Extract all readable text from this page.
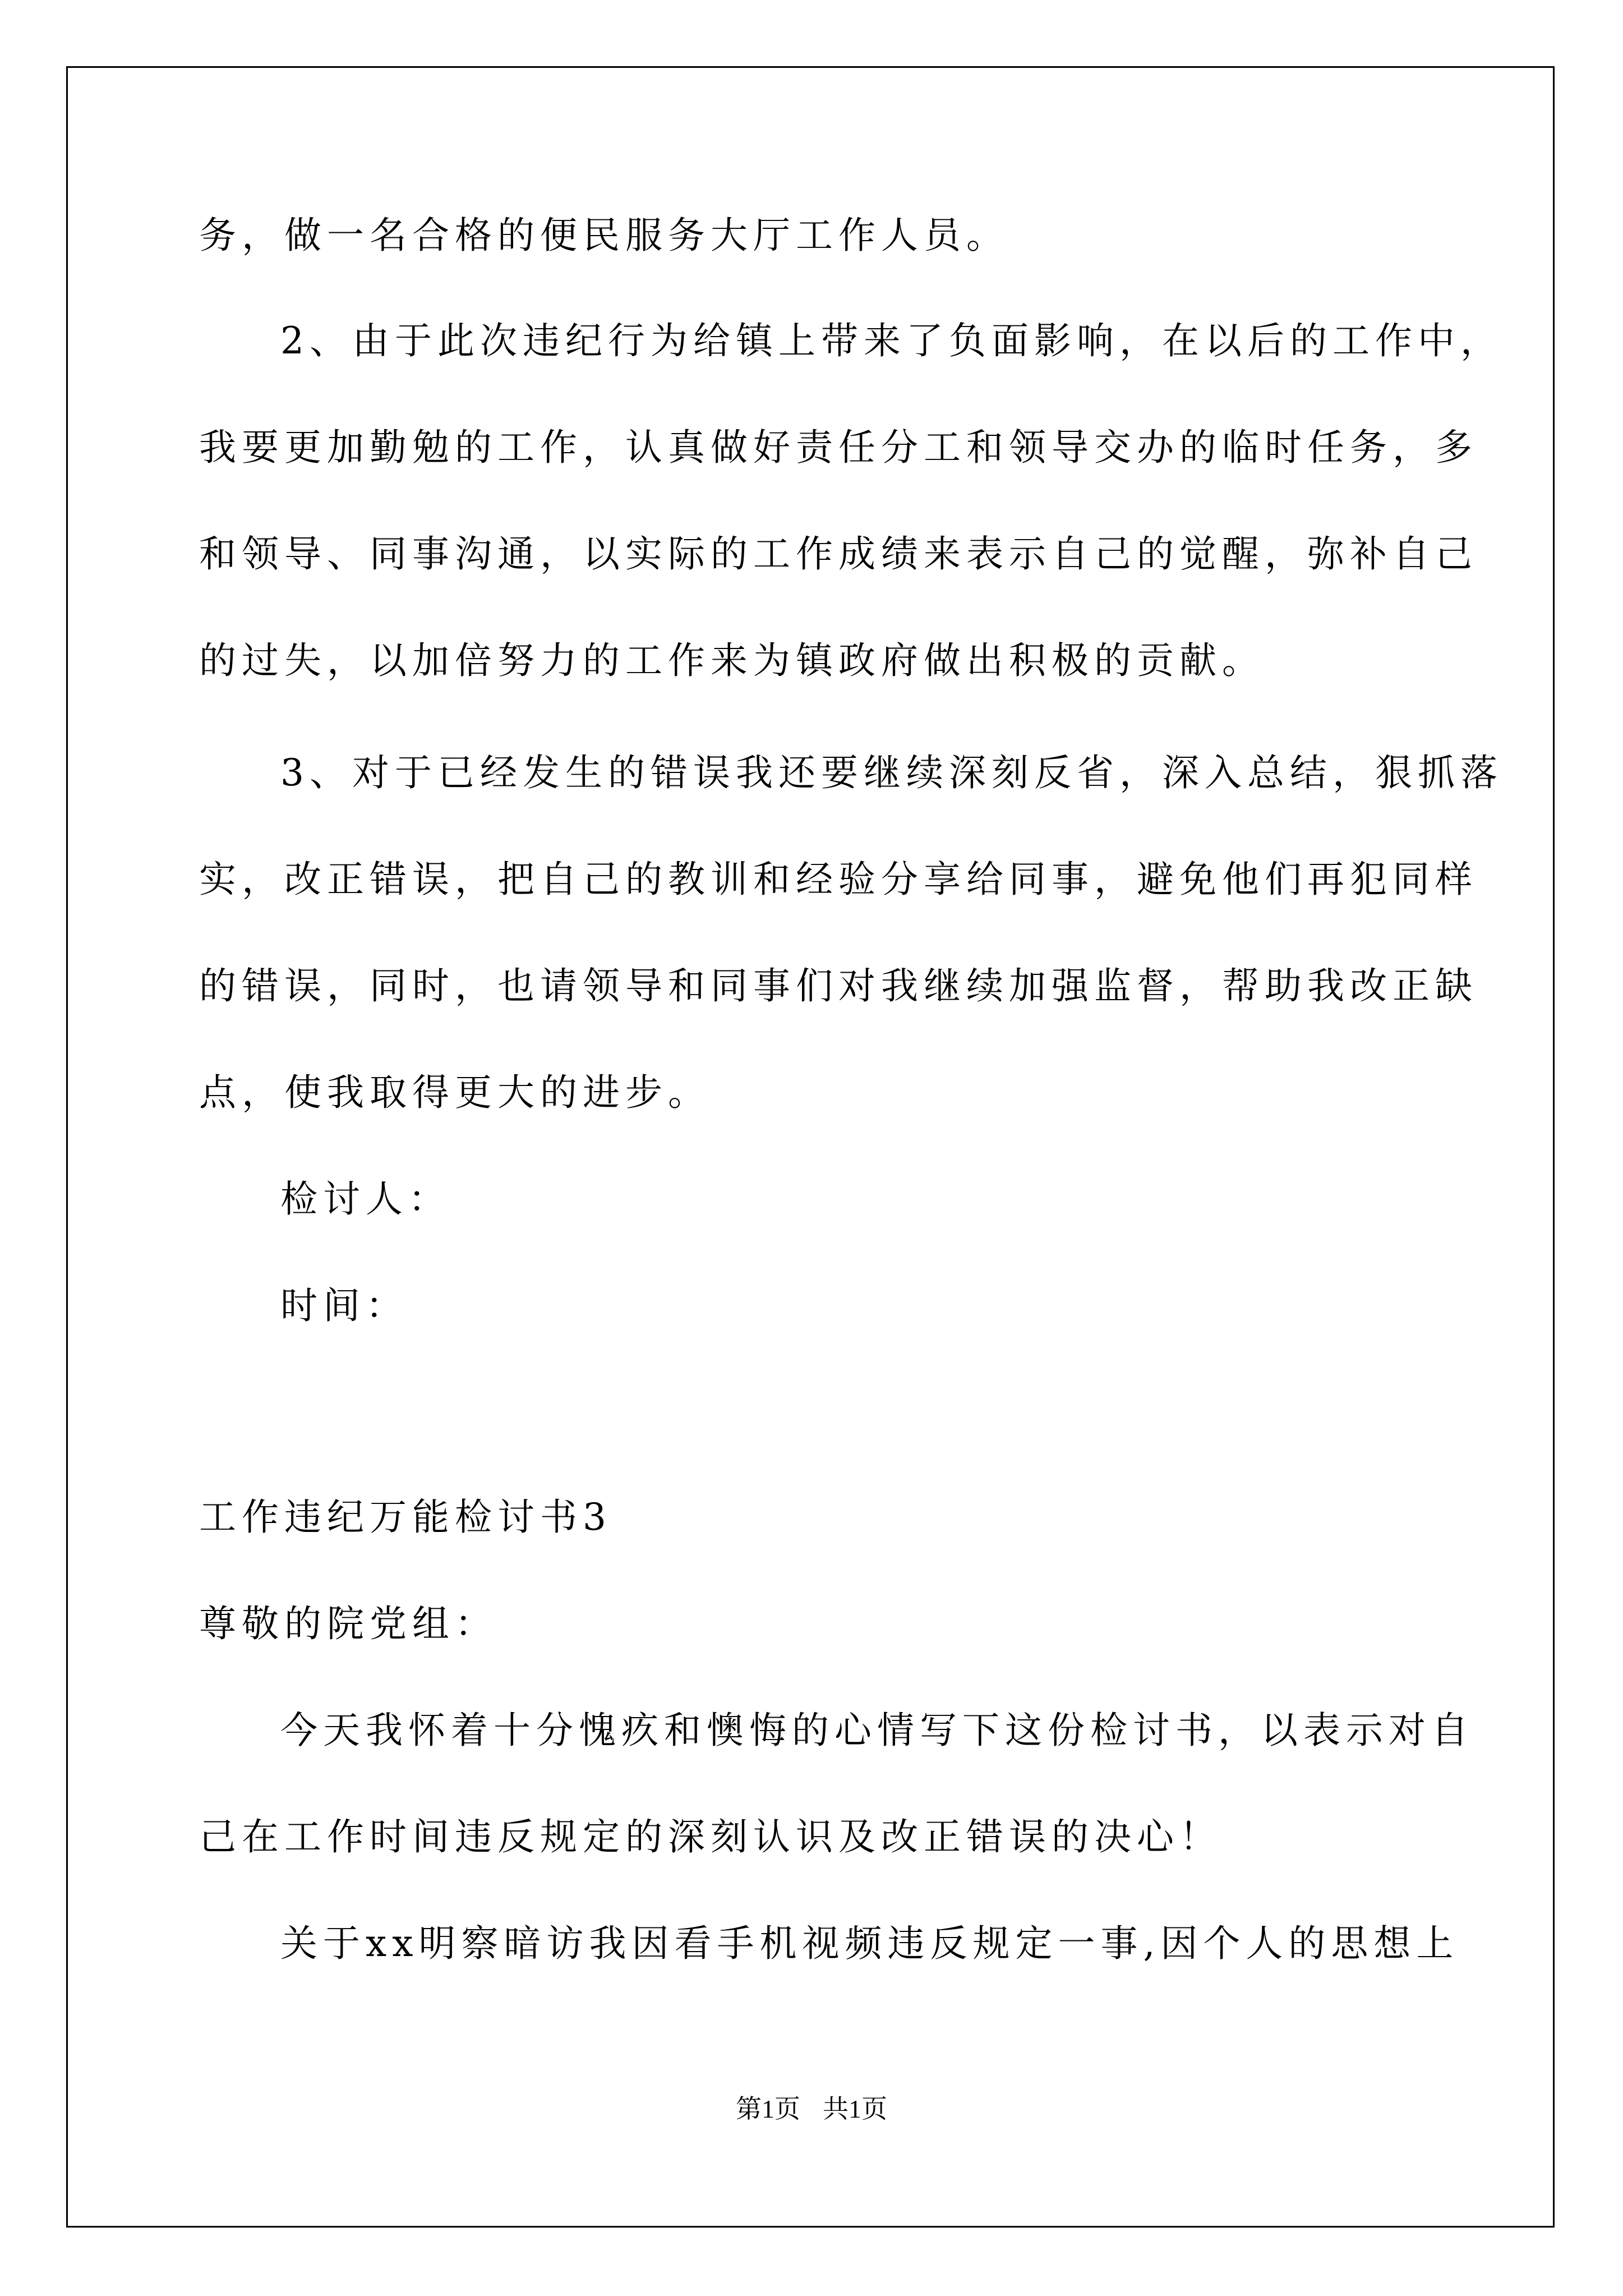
务，做一名合格的便民服务大厅工作人员。
2、由于此次违纪行为给镇上带来了负面影响，在以后的工作中，
我要更加勤勉的工作，认真做好责任分工和领导交办的临时任务，多
和领导、同事沟通，以实际的工作成绩来表示自己的觉醒，弥补自己
的过失，以加倍努力的工作来为镇政府做出积极的贡献。
3、对于已经发生的错误我还要继续深刻反省，深入总结，狠抓落
实，改正错误，把自己的教训和经验分享给同事，避免他们再犯同样
的错误，同时，也请领导和同事们对我继续加强监督，帮助我改正缺
点，使我取得更大的进步。
检讨人：
时间：
工作违纪万能检讨书3
尊敬的院党组：
今天我怀着十分愧疚和懊悔的心情写下这份检讨书，以表示对自
己在工作时间违反规定的深刻认识及改正错误的决心！
关于xx明察暗访我因看手机视频违反规定一事,因个人的思想上
第1页 共1页
